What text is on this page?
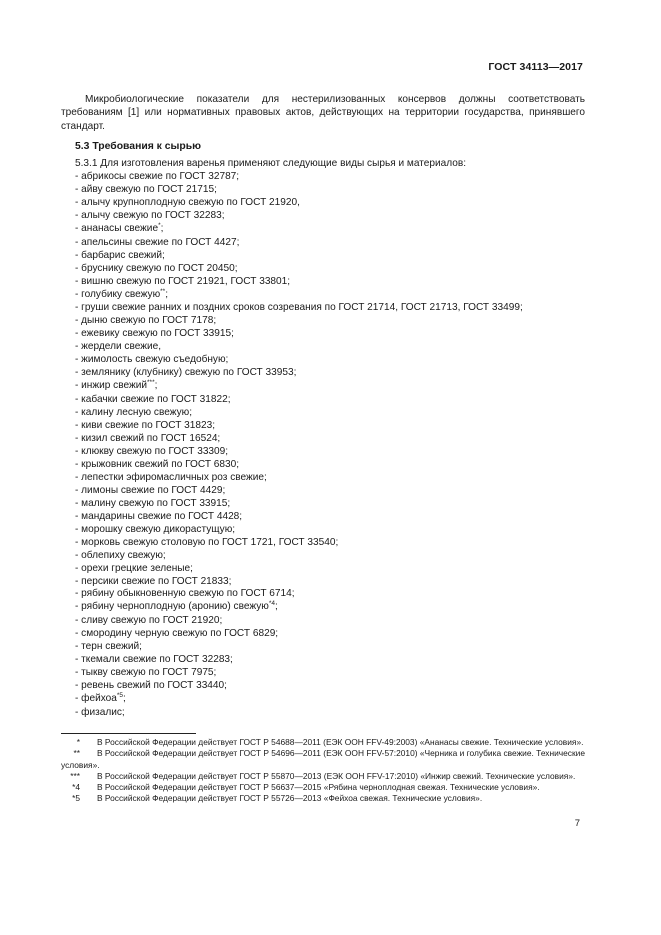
ГОСТ 34113—2017
Микробиологические показатели для нестерилизованных консервов должны соответствовать требованиям [1] или нормативных правовых актов, действующих на территории государства, принявшего стандарт.
5.3 Требования к сырью
5.3.1 Для изготовления варенья применяют следующие виды сырья и материалов:
- абрикосы свежие по ГОСТ 32787;
- айву свежую по ГОСТ 21715;
- алычу крупноплодную свежую по ГОСТ 21920,
- алычу свежую по ГОСТ 32283;
- ананасы свежие*;
- апельсины свежие по ГОСТ 4427;
- барбарис свежий;
- бруснику свежую по ГОСТ 20450;
- вишню свежую по ГОСТ 21921, ГОСТ 33801;
- голубику свежую**;
- груши свежие ранних и поздних сроков созревания по ГОСТ 21714, ГОСТ 21713, ГОСТ 33499;
- дыню свежую по ГОСТ 7178;
- ежевику свежую по ГОСТ 33915;
- жердели свежие,
- жимолость свежую съедобную;
- землянику (клубнику) свежую по ГОСТ 33953;
- инжир свежий***;
- кабачки свежие по ГОСТ 31822;
- калину лесную свежую;
- киви свежие по ГОСТ 31823;
- кизил свежий по ГОСТ 16524;
- клюкву свежую по ГОСТ 33309;
- крыжовник свежий по ГОСТ 6830;
- лепестки эфиромасличных роз свежие;
- лимоны свежие по ГОСТ 4429;
- малину свежую по ГОСТ 33915;
- мандарины свежие по ГОСТ 4428;
- морошку свежую дикорастущую;
- морковь свежую столовую по ГОСТ 1721, ГОСТ 33540;
- облепиху свежую;
- орехи грецкие зеленые;
- персики свежие по ГОСТ 21833;
- рябину обыкновенную свежую по ГОСТ 6714;
- рябину черноплодную (аронию) свежую$^{*4}$;
- сливу свежую по ГОСТ 21920;
- смородину черную свежую по ГОСТ 6829;
- терн свежий;
- ткемали свежие по ГОСТ 32283;
- тыкву свежую по ГОСТ 7975;
- ревень свежий по ГОСТ 33440;
- фейхоа$^{*5}$;
- физалис;
* В Российской Федерации действует ГОСТ Р 54688—2011 (ЕЭК ООН FFV-49:2003) «Ананасы свежие. Технические условия».
** В Российской Федерации действует ГОСТ Р 54696—2011 (ЕЭК ООН FFV-57:2010) «Черника и голубика свежие. Технические условия».
*** В Российской Федерации действует ГОСТ Р 55870—2013 (ЕЭК ООН FFV-17:2010) «Инжир свежий. Технические условия».
*4 В Российской Федерации действует ГОСТ Р 56637—2015 «Рябина черноплодная свежая. Технические условия».
*5 В Российской Федерации действует ГОСТ Р 55726—2013 «Фейхоа свежая. Технические условия».
7
